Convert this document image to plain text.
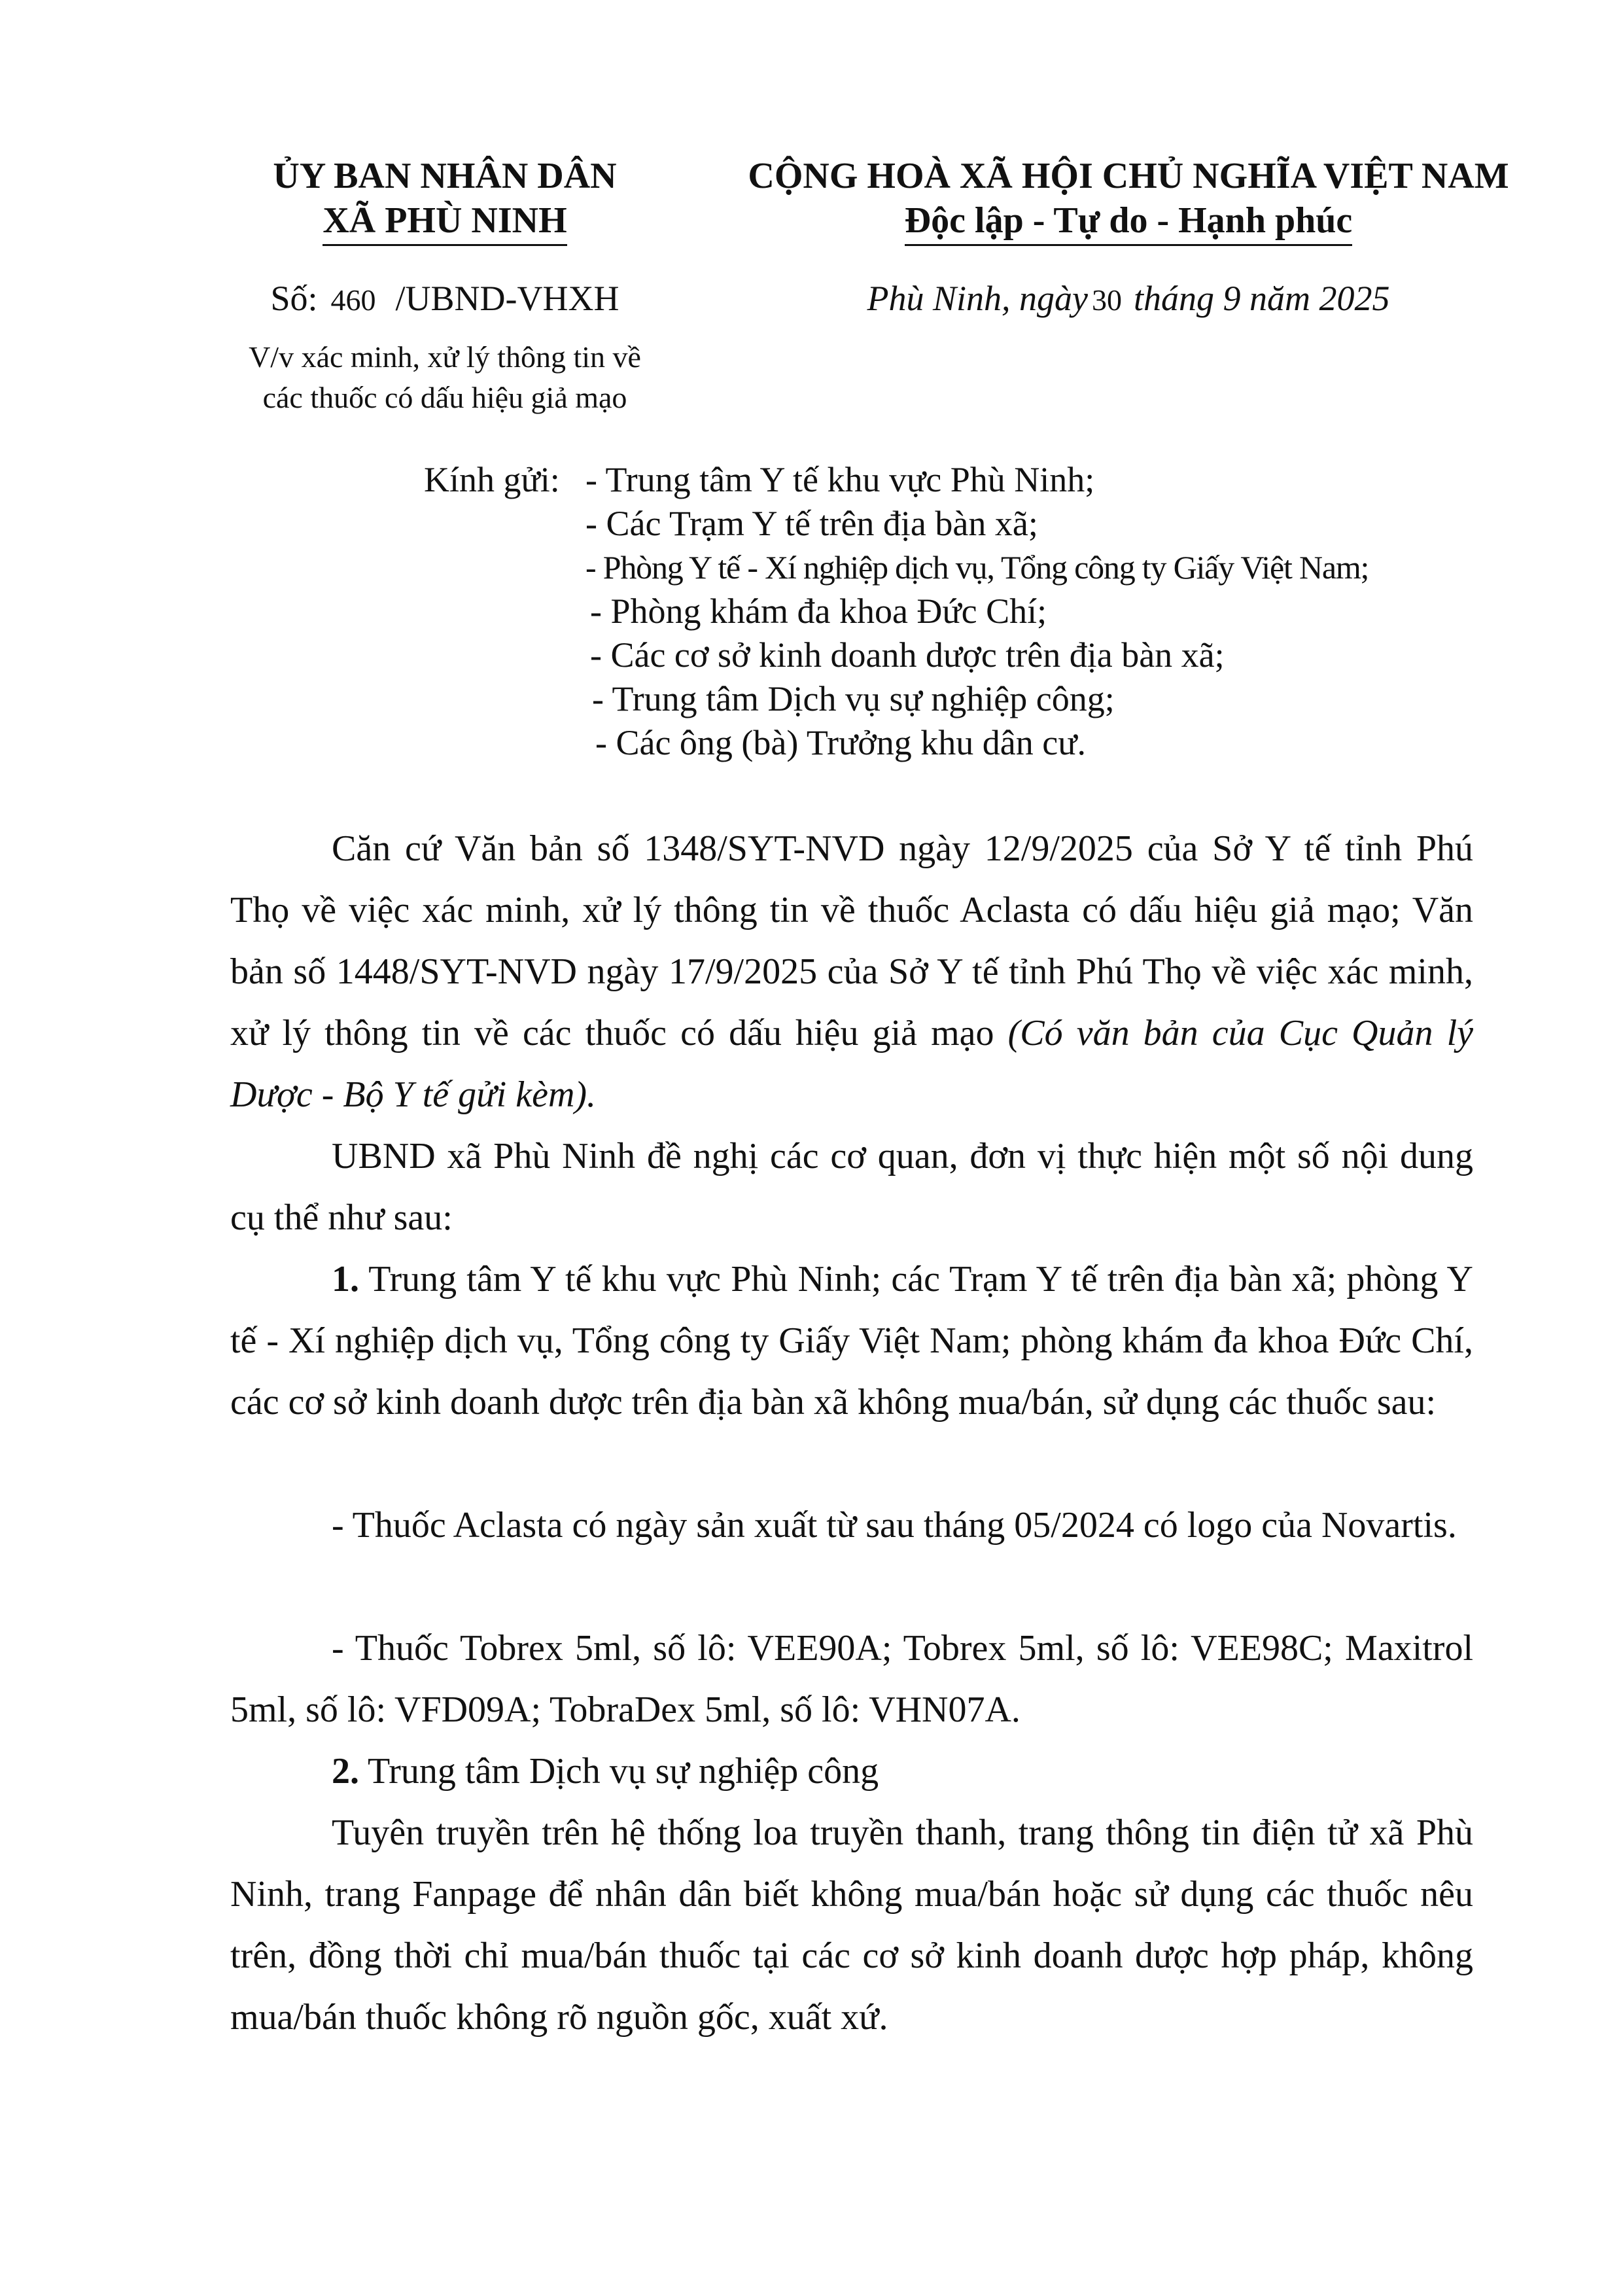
ỦY BAN NHÂN DÂN
XÃ PHÙ NINH
CỘNG HOÀ XÃ HỘI CHỦ NGHĨA VIỆT NAM
Độc lập - Tự do - Hạnh phúc
Số: 460 /UBND-VHXH
V/v xác minh, xử lý thông tin về
các thuốc có dấu hiệu giả mạo
Phù Ninh, ngày 30 tháng 9 năm 2025
Kính gửi: - Trung tâm Y tế khu vực Phù Ninh;
- Các Trạm Y tế trên địa bàn xã;
- Phòng Y tế - Xí nghiệp dịch vụ, Tổng công ty Giấy Việt Nam;
- Phòng khám đa khoa Đức Chí;
- Các cơ sở kinh doanh dược trên địa bàn xã;
- Trung tâm Dịch vụ sự nghiệp công;
- Các ông (bà) Trưởng khu dân cư.
Căn cứ Văn bản số 1348/SYT-NVD ngày 12/9/2025 của Sở Y tế tỉnh Phú Thọ về việc xác minh, xử lý thông tin về thuốc Aclasta có dấu hiệu giả mạo; Văn bản số 1448/SYT-NVD ngày 17/9/2025 của Sở Y tế tỉnh Phú Thọ về việc xác minh, xử lý thông tin về các thuốc có dấu hiệu giả mạo (Có văn bản của Cục Quản lý Dược - Bộ Y tế gửi kèm).
UBND xã Phù Ninh đề nghị các cơ quan, đơn vị thực hiện một số nội dung cụ thể như sau:
1. Trung tâm Y tế khu vực Phù Ninh; các Trạm Y tế trên địa bàn xã; phòng Y tế - Xí nghiệp dịch vụ, Tổng công ty Giấy Việt Nam; phòng khám đa khoa Đức Chí, các cơ sở kinh doanh dược trên địa bàn xã không mua/bán, sử dụng các thuốc sau:
- Thuốc Aclasta có ngày sản xuất từ sau tháng 05/2024 có logo của Novartis.
- Thuốc Tobrex 5ml, số lô: VEE90A; Tobrex 5ml, số lô: VEE98C; Maxitrol 5ml, số lô: VFD09A; TobraDex 5ml, số lô: VHN07A.
2. Trung tâm Dịch vụ sự nghiệp công
Tuyên truyền trên hệ thống loa truyền thanh, trang thông tin điện tử xã Phù Ninh, trang Fanpage để nhân dân biết không mua/bán hoặc sử dụng các thuốc nêu trên, đồng thời chỉ mua/bán thuốc tại các cơ sở kinh doanh dược hợp pháp, không mua/bán thuốc không rõ nguồn gốc, xuất xứ.
